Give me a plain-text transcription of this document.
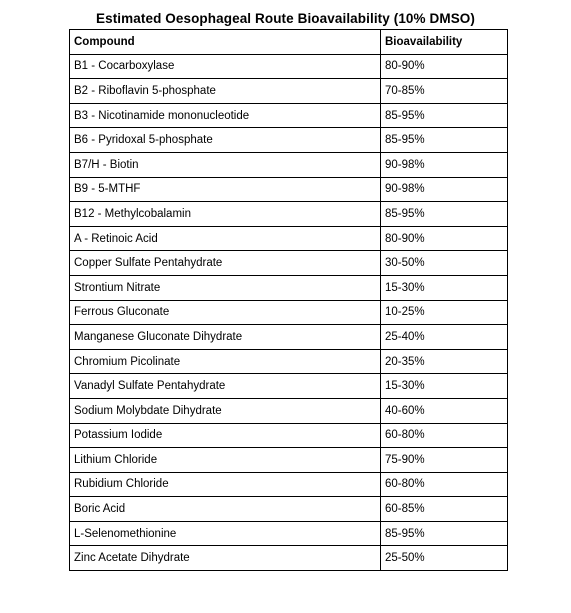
Estimated Oesophageal Route Bioavailability (10% DMSO)
Compound	Bioavailability
B1 - Cocarboxylase	80-90%
B2 - Riboflavin 5-phosphate	70-85%
B3 - Nicotinamide mononucleotide	85-95%
B6 - Pyridoxal 5-phosphate	85-95%
B7/H - Biotin	90-98%
B9 - 5-MTHF	90-98%
B12 - Methylcobalamin	85-95%
A - Retinoic Acid	80-90%
Copper Sulfate Pentahydrate	30-50%
Strontium Nitrate	15-30%
Ferrous Gluconate	10-25%
Manganese Gluconate Dihydrate	25-40%
Chromium Picolinate	20-35%
Vanadyl Sulfate Pentahydrate	15-30%
Sodium Molybdate Dihydrate	40-60%
Potassium Iodide	60-80%
Lithium Chloride	75-90%
Rubidium Chloride	60-80%
Boric Acid	60-85%
L-Selenomethionine	85-95%
Zinc Acetate Dihydrate	25-50%
